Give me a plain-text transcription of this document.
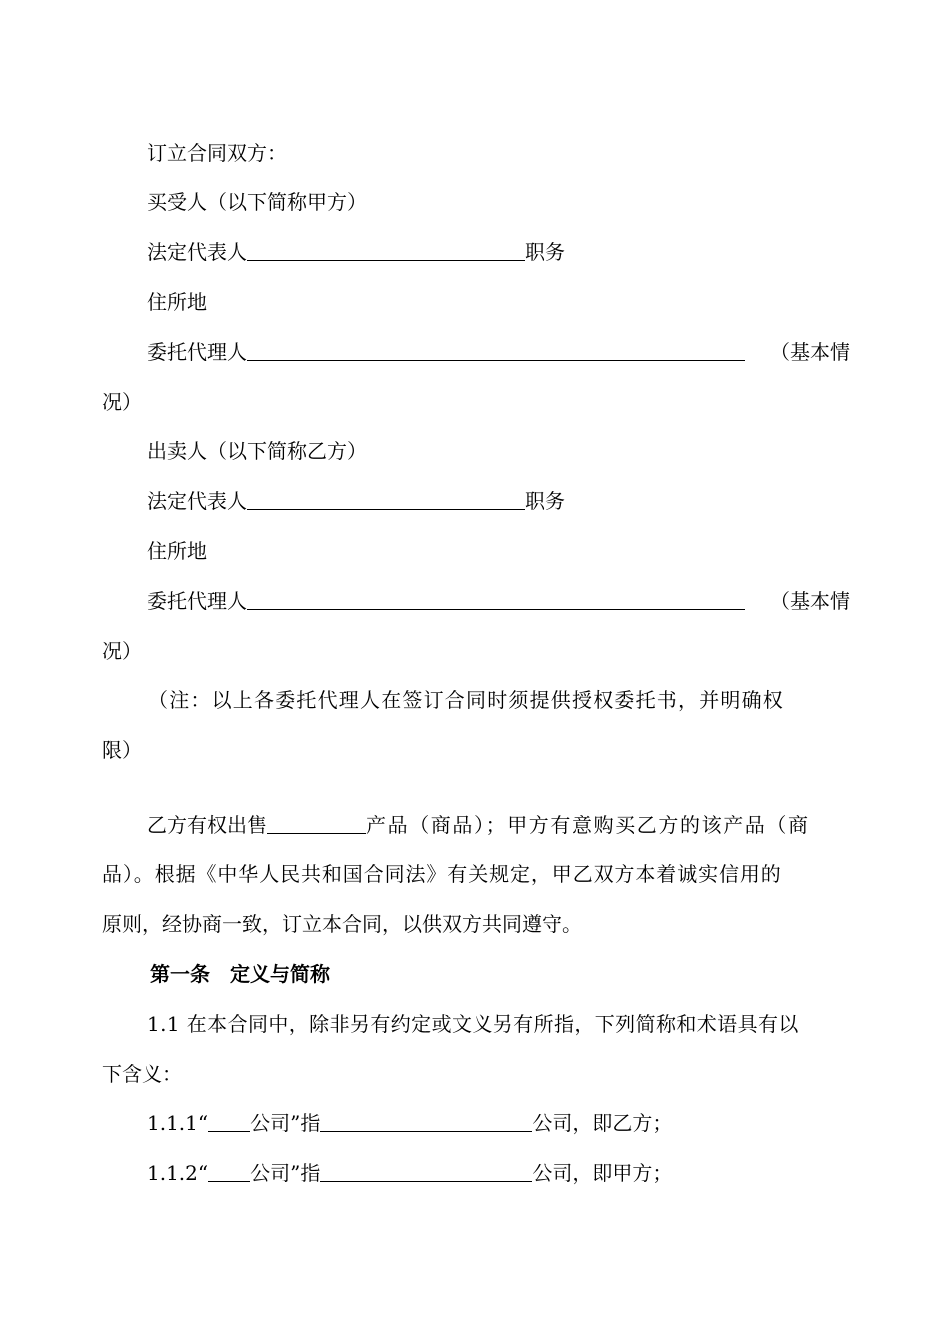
订立合同双方：
买受人（以下简称甲方）
法定代表人	职务
住所地
委托代理人	（基本情
况）
出卖人（以下简称乙方）
法定代表人	职务
住所地
委托代理人	（基本情
况）
（注：以上各委托代理人在签订合同时须提供授权委托书，并明确权
限）
乙方有权出售	产品（商品）；甲方有意购买乙方的该产品（商
品）。根据《中华人民共和国合同法》有关规定，甲乙双方本着诚实信用的
原则，经协商一致，订立本合同，以供双方共同遵守。
第一条　定义与简称
1.1 在本合同中，除非另有约定或文义另有所指，下列简称和术语具有以
下含义：
1.1.1“ 公司”指	公司，即乙方；
1.1.2“ 公司”指	公司，即甲方；
